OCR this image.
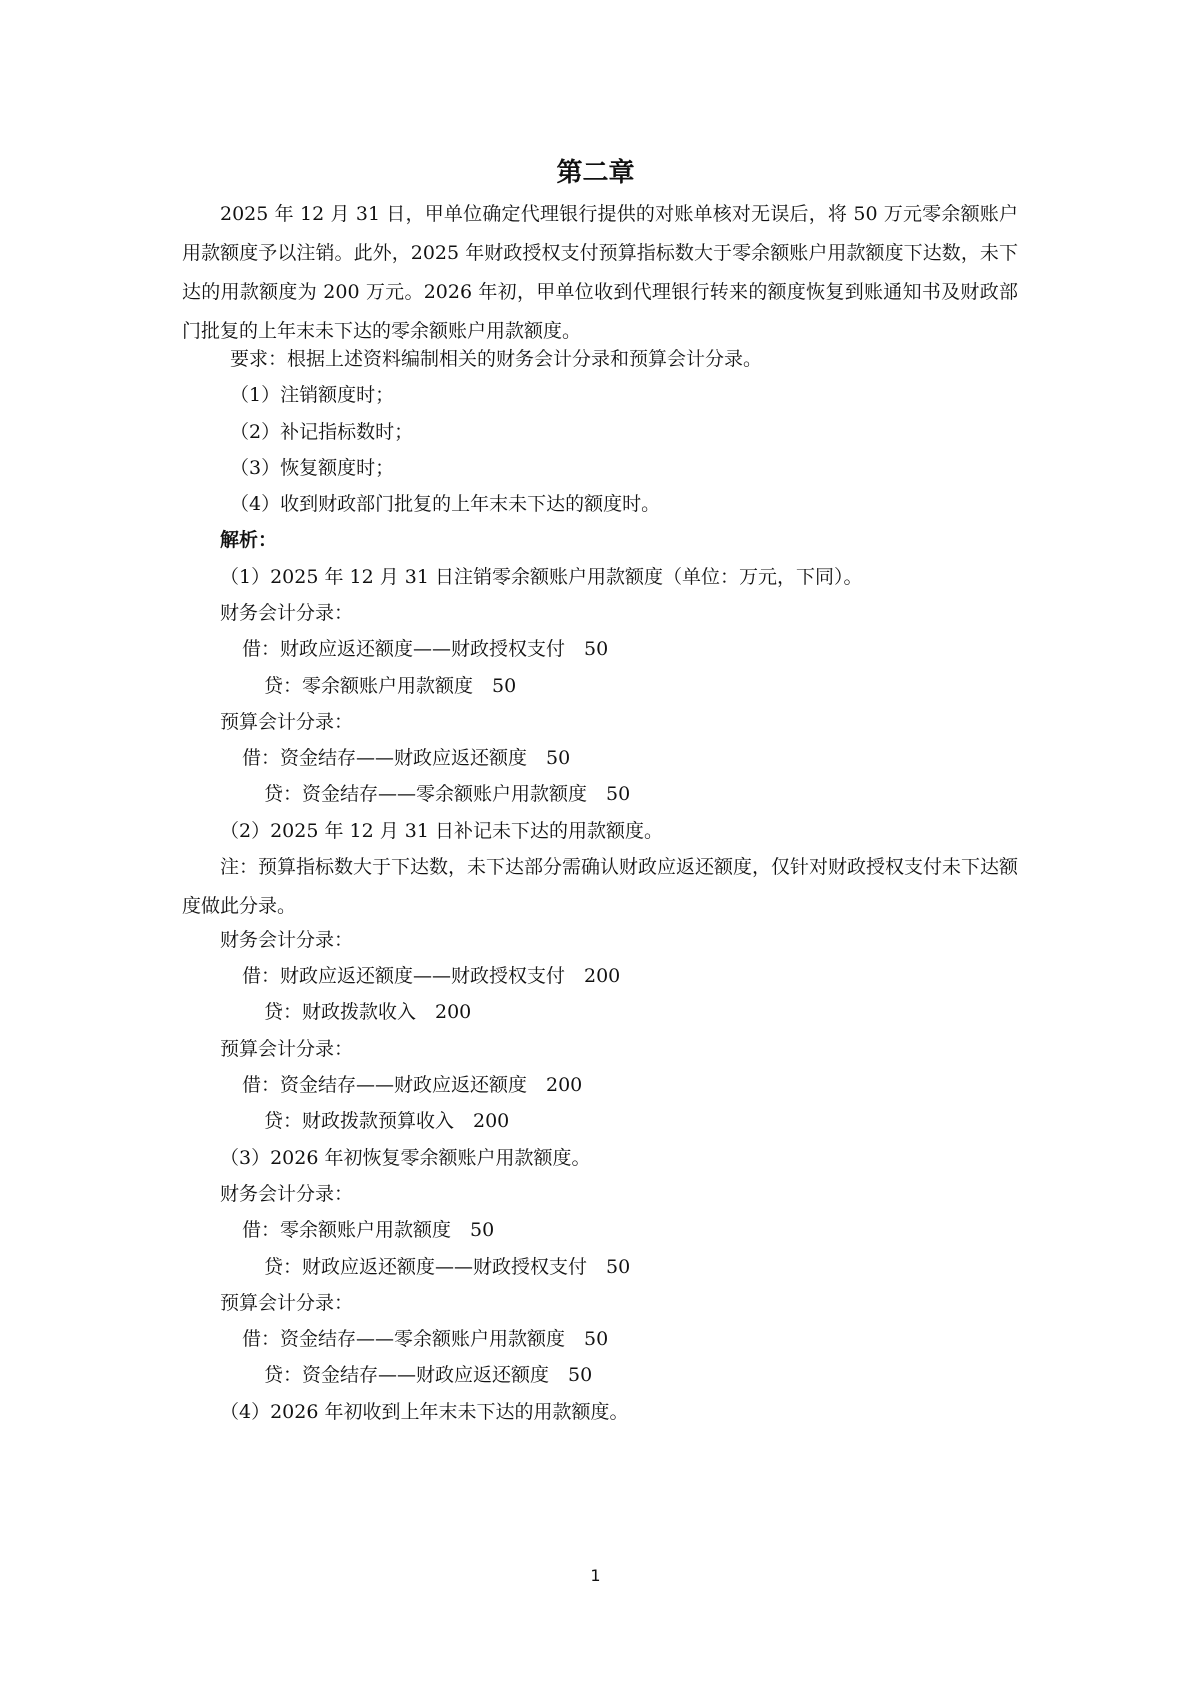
第二章
2025 年 12 月 31 日，甲单位确定代理银行提供的对账单核对无误后，将 50 万元零余额账户用款额度予以注销。此外，2025 年财政授权支付预算指标数大于零余额账户用款额度下达数，未下达的用款额度为 200 万元。2026 年初，甲单位收到代理银行转来的额度恢复到账通知书及财政部门批复的上年末未下达的零余额账户用款额度。
要求：根据上述资料编制相关的财务会计分录和预算会计分录。
（1）注销额度时；
（2）补记指标数时；
（3）恢复额度时；
（4）收到财政部门批复的上年末未下达的额度时。
解析：
（1）2025 年 12 月 31 日注销零余额账户用款额度（单位：万元，下同）。
财务会计分录：
借：财政应返还额度——财政授权支付　50
贷：零余额账户用款额度　50
预算会计分录：
借：资金结存——财政应返还额度　50
贷：资金结存——零余额账户用款额度　50
（2）2025 年 12 月 31 日补记未下达的用款额度。
注：预算指标数大于下达数，未下达部分需确认财政应返还额度，仅针对财政授权支付未下达额度做此分录。
财务会计分录：
借：财政应返还额度——财政授权支付　200
贷：财政拨款收入　200
预算会计分录：
借：资金结存——财政应返还额度　200
贷：财政拨款预算收入　200
（3）2026 年初恢复零余额账户用款额度。
财务会计分录：
借：零余额账户用款额度　50
贷：财政应返还额度——财政授权支付　50
预算会计分录：
借：资金结存——零余额账户用款额度　50
贷：资金结存——财政应返还额度　50
（4）2026 年初收到上年末未下达的用款额度。
1
